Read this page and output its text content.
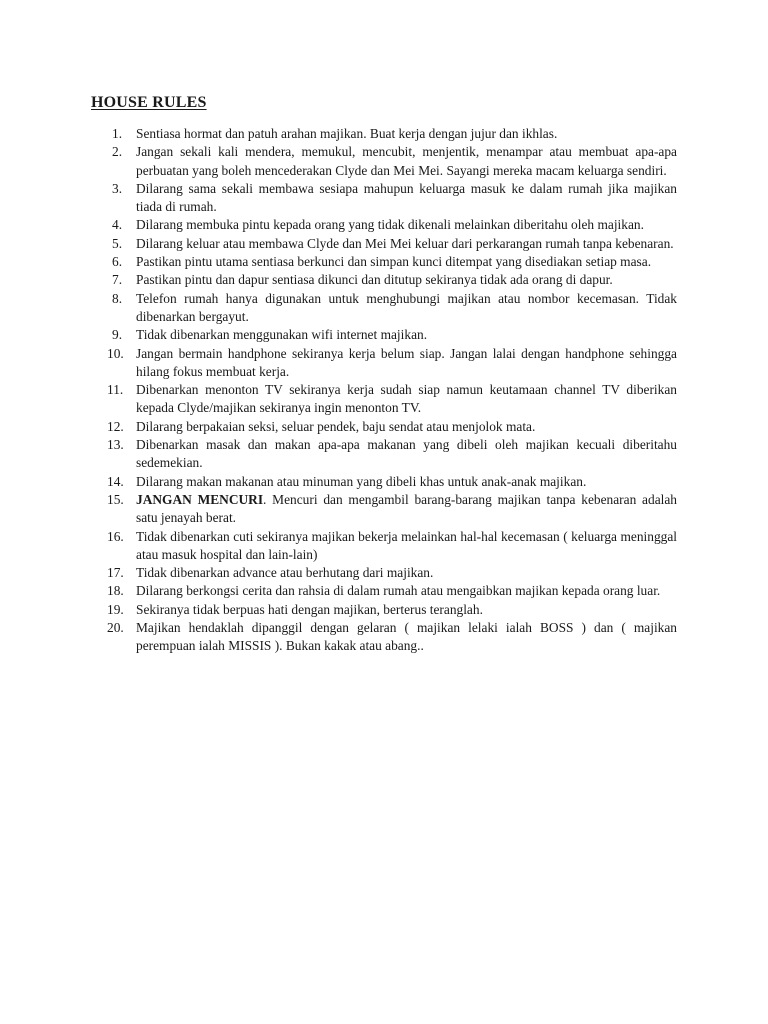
HOUSE RULES
1.	Sentiasa hormat dan patuh arahan majikan. Buat kerja dengan jujur dan ikhlas.
2.	Jangan sekali kali mendera, memukul, mencubit, menjentik, menampar atau membuat apa-apa perbuatan yang boleh mencederakan Clyde dan Mei Mei. Sayangi mereka macam keluarga sendiri.
3.	Dilarang sama sekali membawa sesiapa mahupun keluarga masuk ke dalam rumah jika majikan tiada di rumah.
4.	Dilarang membuka pintu kepada orang yang tidak dikenali melainkan diberitahu oleh majikan.
5.	Dilarang keluar atau membawa Clyde dan Mei Mei keluar dari perkarangan rumah tanpa kebenaran.
6.	Pastikan pintu utama sentiasa berkunci dan simpan kunci ditempat yang disediakan setiap masa.
7.	Pastikan pintu dan dapur sentiasa dikunci dan ditutup sekiranya tidak ada orang di dapur.
8.	Telefon rumah hanya digunakan untuk menghubungi majikan atau nombor kecemasan. Tidak dibenarkan bergayut.
9.	Tidak dibenarkan menggunakan wifi internet majikan.
10. Jangan bermain handphone sekiranya kerja belum siap. Jangan lalai dengan handphone sehingga hilang fokus membuat kerja.
11. Dibenarkan menonton TV sekiranya kerja sudah siap namun keutamaan channel TV diberikan kepada Clyde/majikan sekiranya ingin menonton TV.
12. Dilarang berpakaian seksi, seluar pendek, baju sendat atau menjolok mata.
13. Dibenarkan masak dan makan apa-apa makanan yang dibeli oleh majikan kecuali diberitahu sedemekian.
14. Dilarang makan makanan atau minuman yang dibeli khas untuk anak-anak majikan.
15. JANGAN MENCURI. Mencuri dan mengambil barang-barang majikan tanpa kebenaran adalah satu jenayah berat.
16. Tidak dibenarkan cuti sekiranya majikan bekerja melainkan hal-hal kecemasan ( keluarga meninggal atau masuk hospital dan lain-lain)
17. Tidak dibenarkan advance atau berhutang dari majikan.
18. Dilarang berkongsi cerita dan rahsia di dalam rumah atau mengaibkan majikan kepada orang luar.
19. Sekiranya tidak berpuas hati dengan majikan, berterus teranglah.
20. Majikan hendaklah dipanggil dengan gelaran ( majikan lelaki ialah BOSS ) dan ( majikan perempuan ialah MISSIS ). Bukan kakak atau abang..
